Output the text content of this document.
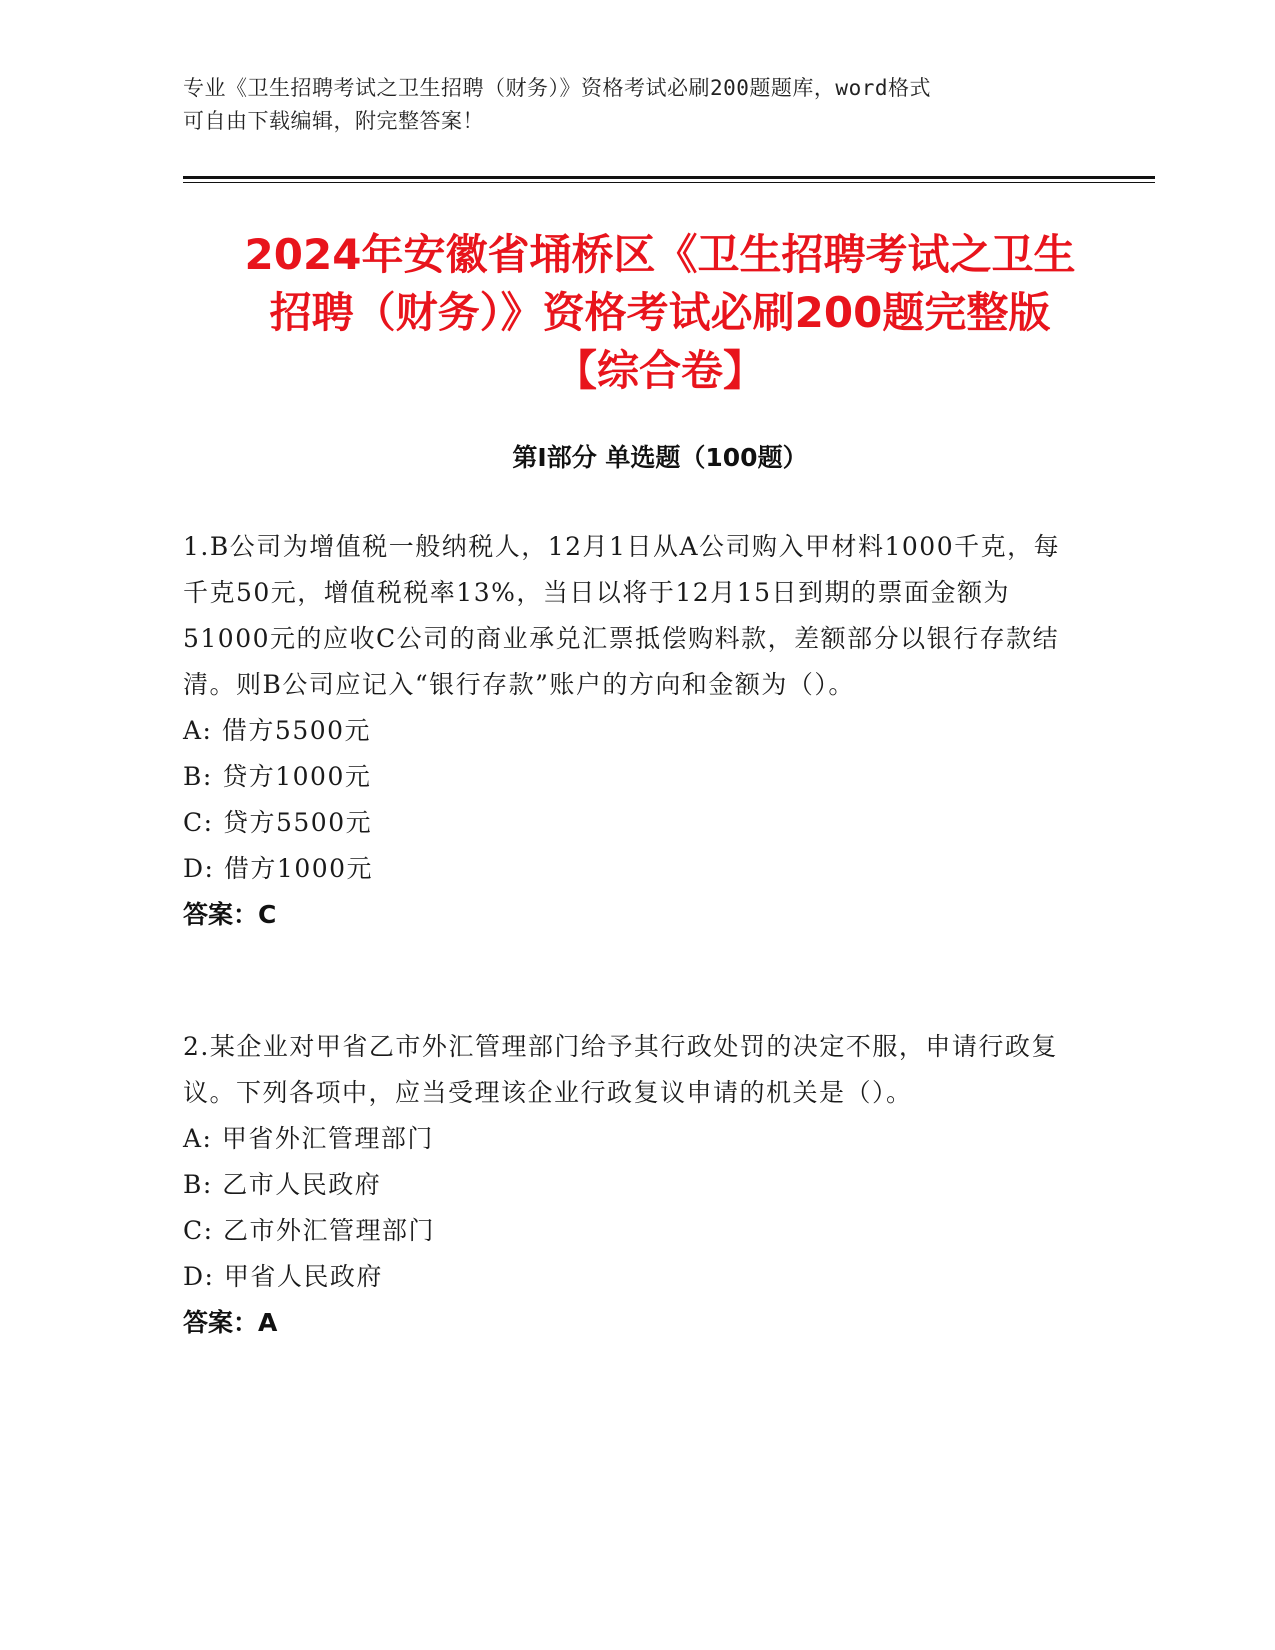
专业《卫生招聘考试之卫生招聘（财务）》资格考试必刷200题题库，word格式
可自由下载编辑，附完整答案！
2024年安徽省埇桥区《卫生招聘考试之卫生
招聘（财务）》资格考试必刷200题完整版
【综合卷】
第I部分 单选题（100题）
1.B公司为增值税一般纳税人，12月1日从A公司购入甲材料1000千克，每千克50元，增值税税率13%，当日以将于12月15日到期的票面金额为51000元的应收C公司的商业承兑汇票抵偿购料款，差额部分以银行存款结清。则B公司应记入“银行存款”账户的方向和金额为（）。
A: 借方5500元
B: 贷方1000元
C: 贷方5500元
D: 借方1000元
答案：C
2.某企业对甲省乙市外汇管理部门给予其行政处罚的决定不服，申请行政复议。下列各项中，应当受理该企业行政复议申请的机关是（）。
A: 甲省外汇管理部门
B: 乙市人民政府
C: 乙市外汇管理部门
D: 甲省人民政府
答案：A
